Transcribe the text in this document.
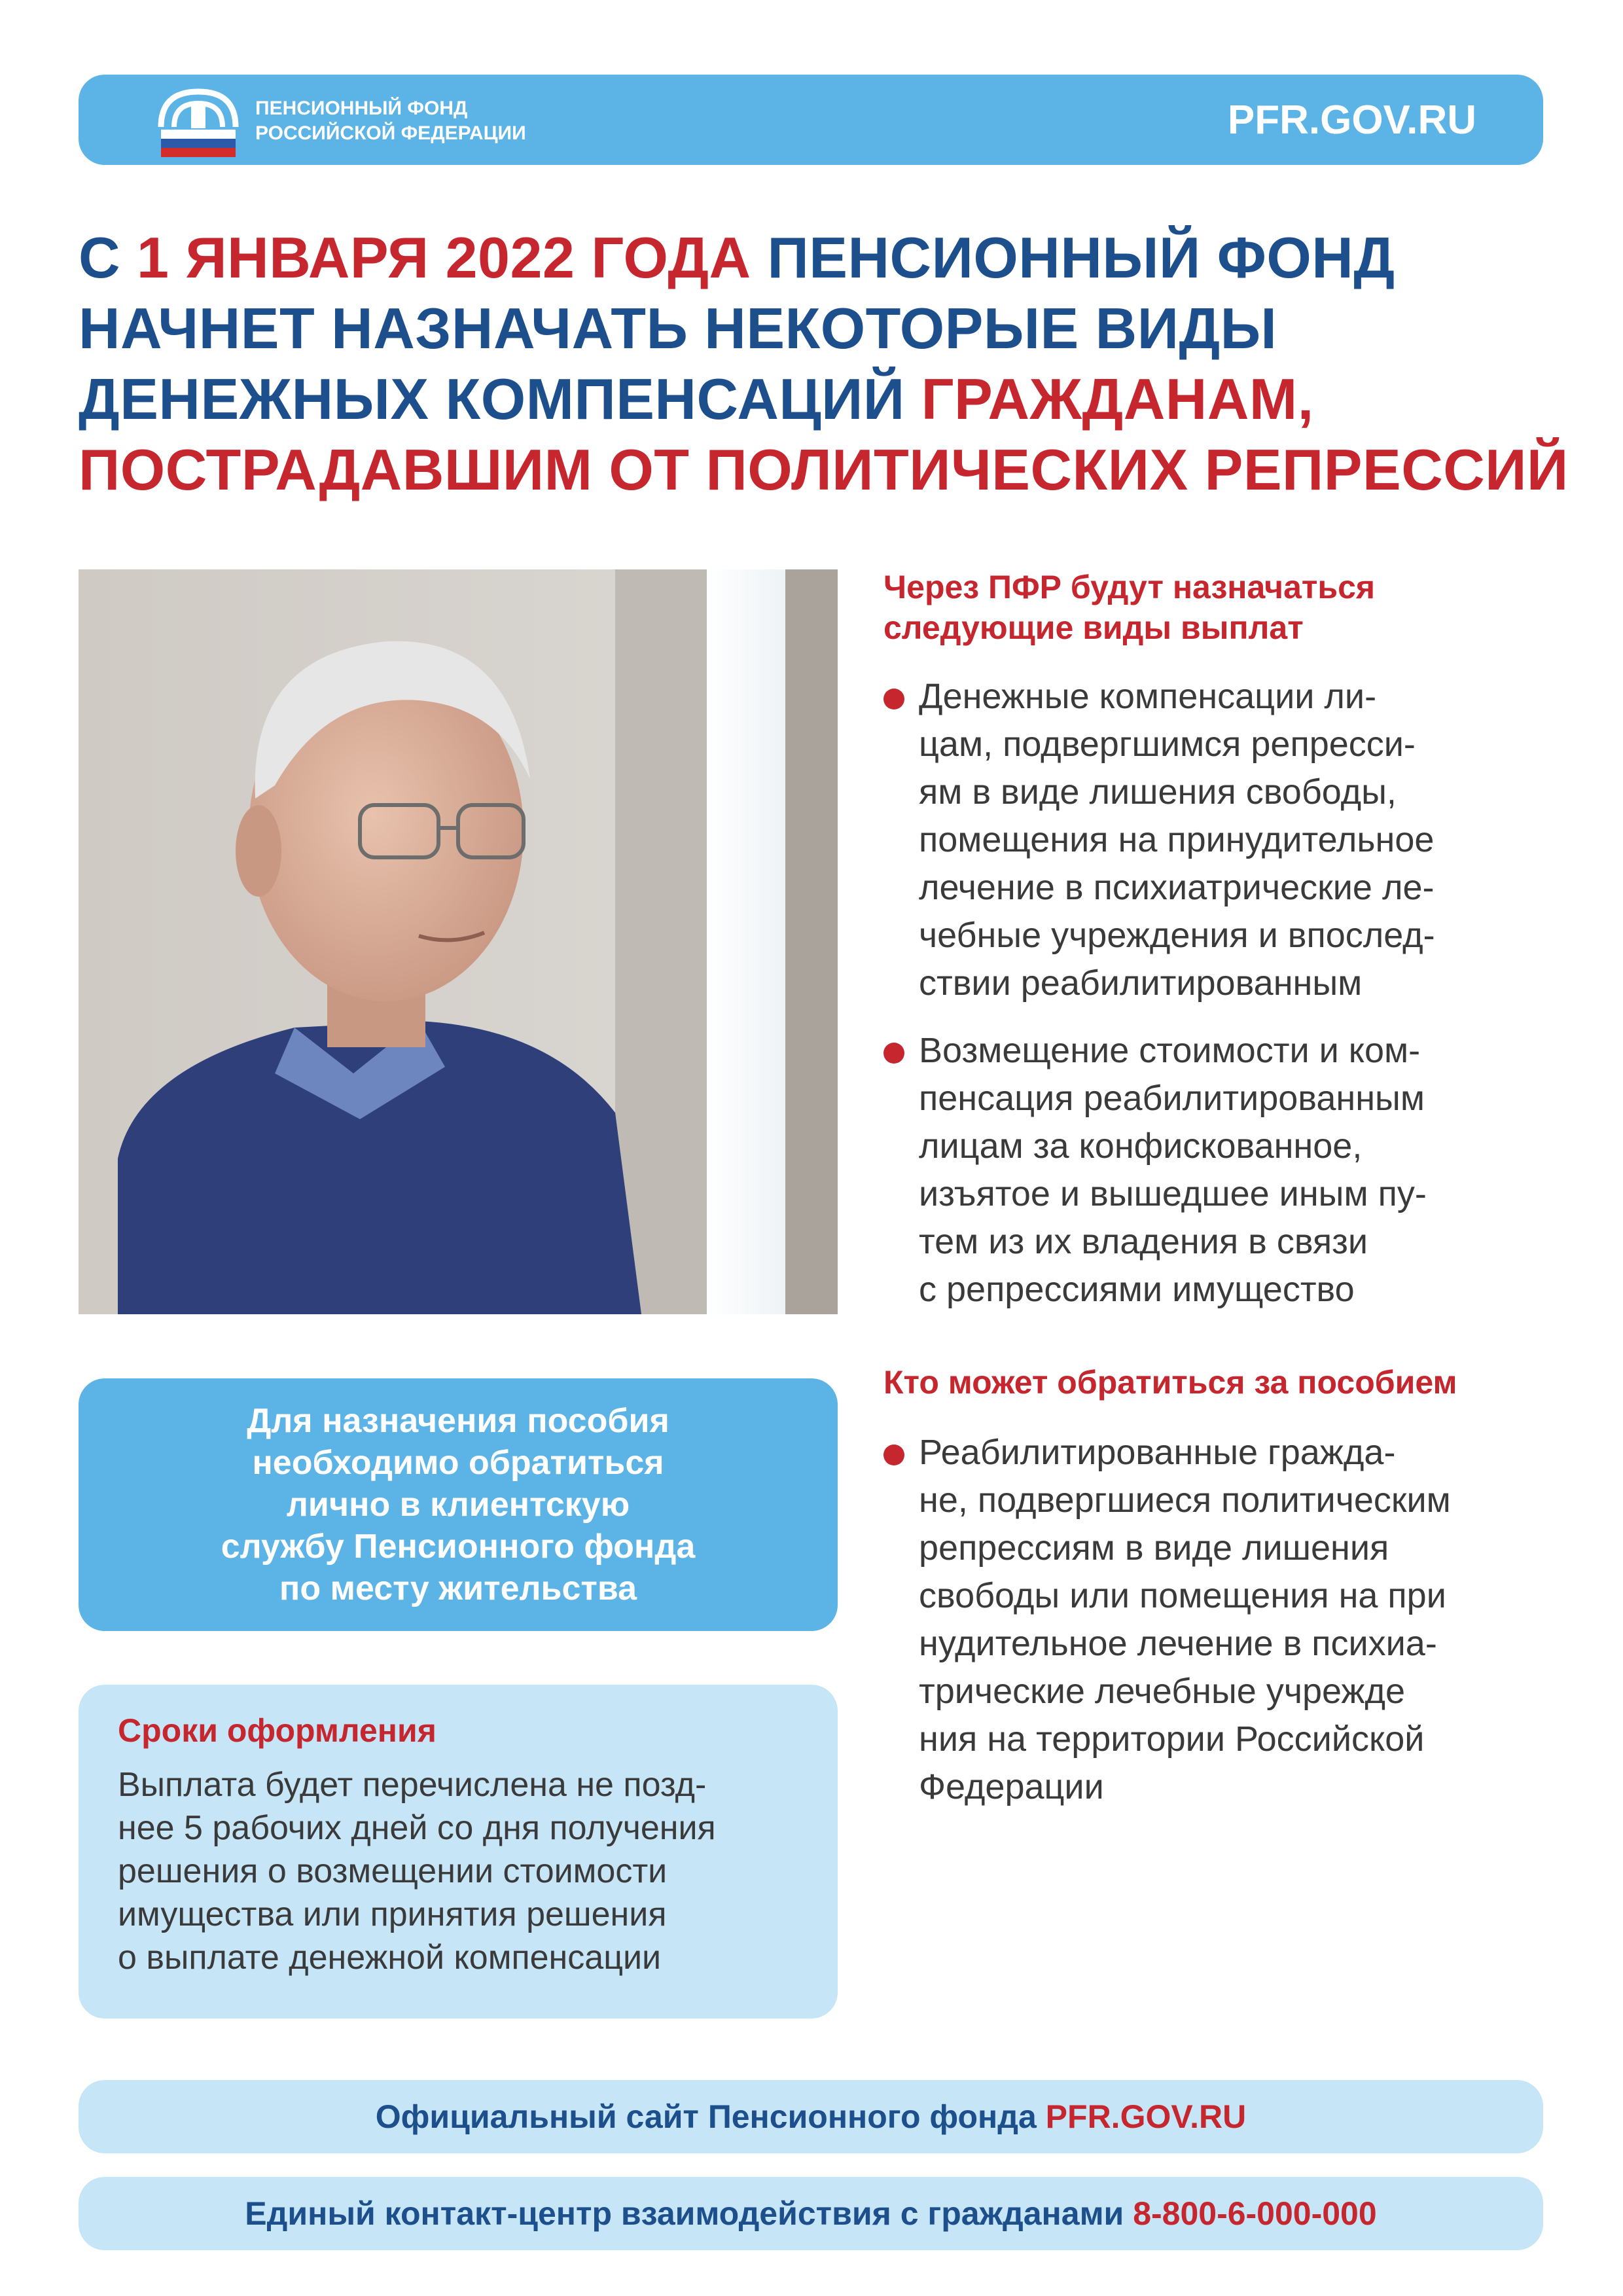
ПЕНСИОННЫЙ ФОНД
РОССИЙСКОЙ ФЕДЕРАЦИИ	PFR.GOV.RU
С 1 ЯНВАРЯ 2022 ГОДА ПЕНСИОННЫЙ ФОНД
НАЧНЕТ НАЗНАЧАТЬ НЕКОТОРЫЕ ВИДЫ
ДЕНЕЖНЫХ КОМПЕНСАЦИЙ ГРАЖДАНАМ,
ПОСТРАДАВШИМ ОТ ПОЛИТИЧЕСКИХ РЕПРЕССИЙ
Для назначения пособия
необходимо обратиться
лично в клиентскую
службу Пенсионного фонда
по месту жительства
Сроки оформления
Выплата будет перечислена не позд-
нее 5 рабочих дней со дня получения
решения о возмещении стоимости
имущества или принятия решения
о выплате денежной компенсации
Через ПФР будут назначаться
следующие виды выплат
Денежные компенсации ли-
цам, подвергшимся репресси-
ям в виде лишения свободы,
помещения на принудительное
лечение в психиатрические ле-
чебные учреждения и впослед-
ствии реабилитированным
Возмещение стоимости и ком-
пенсация реабилитированным
лицам за конфискованное,
изъятое и вышедшее иным пу-
тем из их владения в связи
с репрессиями имущество
Кто может обратиться за пособием
Реабилитированные гражда-
не, подвергшиеся политическим
репрессиям в виде лишения
свободы или помещения на при
нудительное лечение в психиа-
трические лечебные учрежде
ния на территории Российской
Федерации
Официальный сайт Пенсионного фонда PFR.GOV.RU
Единый контакт-центр взаимодействия с гражданами 8-800-6-000-000
